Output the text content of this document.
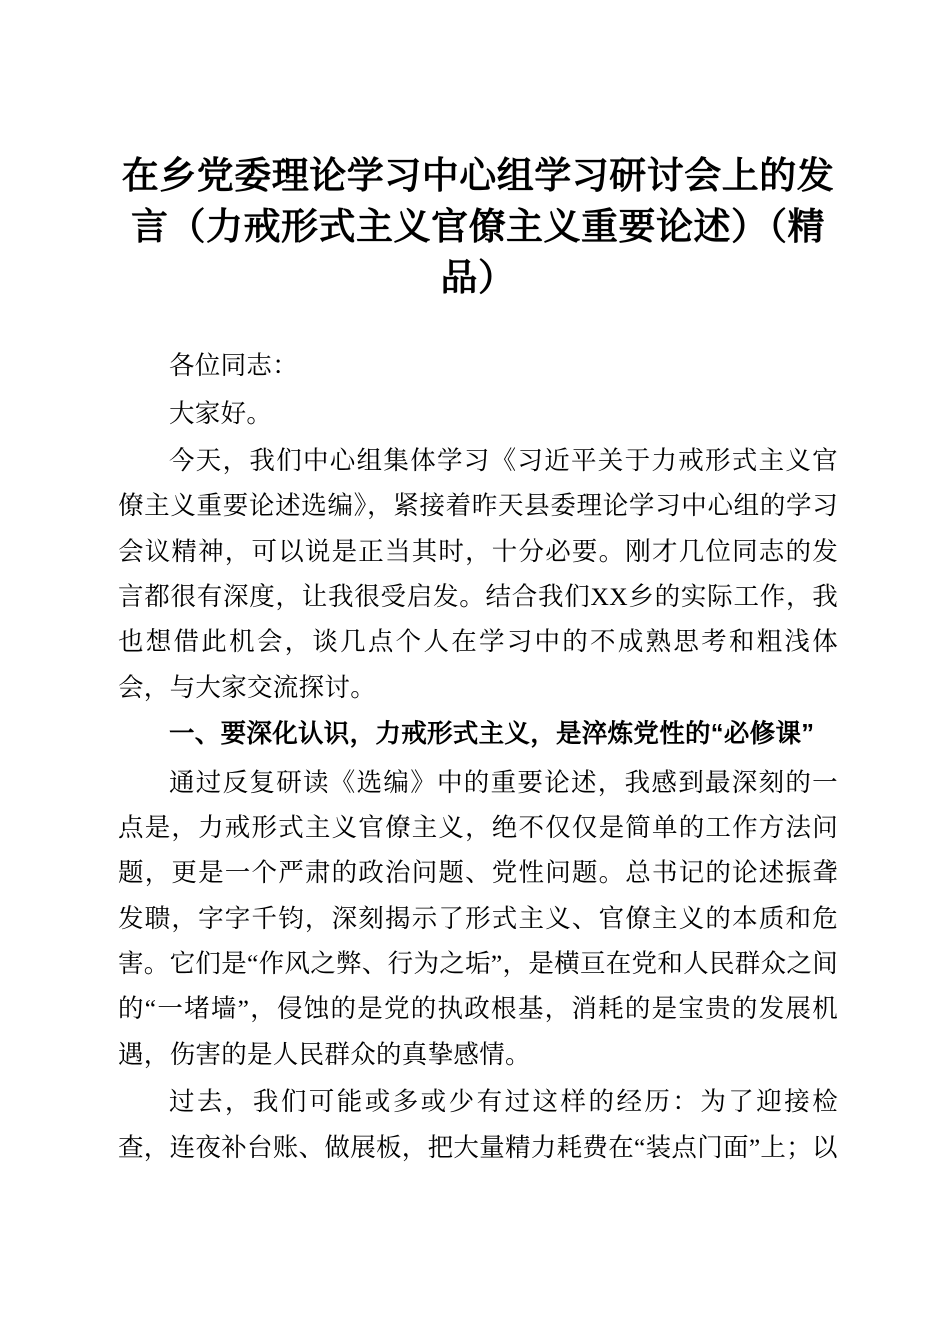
在乡党委理论学习中心组学习研讨会上的发言（力戒形式主义官僚主义重要论述）（精品）

各位同志：

大家好。

今天，我们中心组集体学习《习近平关于力戒形式主义官僚主义重要论述选编》，紧接着昨天县委理论学习中心组的学习会议精神，可以说是正当其时，十分必要。刚才几位同志的发言都很有深度，让我很受启发。结合我们XX乡的实际工作，我也想借此机会，谈几点个人在学习中的不成熟思考和粗浅体会，与大家交流探讨。

一、要深化认识，力戒形式主义，是淬炼党性的“必修课”

通过反复研读《选编》中的重要论述，我感到最深刻的一点是，力戒形式主义官僚主义，绝不仅仅是简单的工作方法问题，更是一个严肃的政治问题、党性问题。总书记的论述振聋发聩，字字千钧，深刻揭示了形式主义、官僚主义的本质和危害。它们是“作风之弊、行为之垢”，是横亘在党和人民群众之间的“一堵墙”，侵蚀的是党的执政根基，消耗的是宝贵的发展机遇，伤害的是人民群众的真挚感情。

过去，我们可能或多或少有过这样的经历：为了迎接检查，连夜补台账、做展板，把大量精力耗费在“装点门面”上；以
